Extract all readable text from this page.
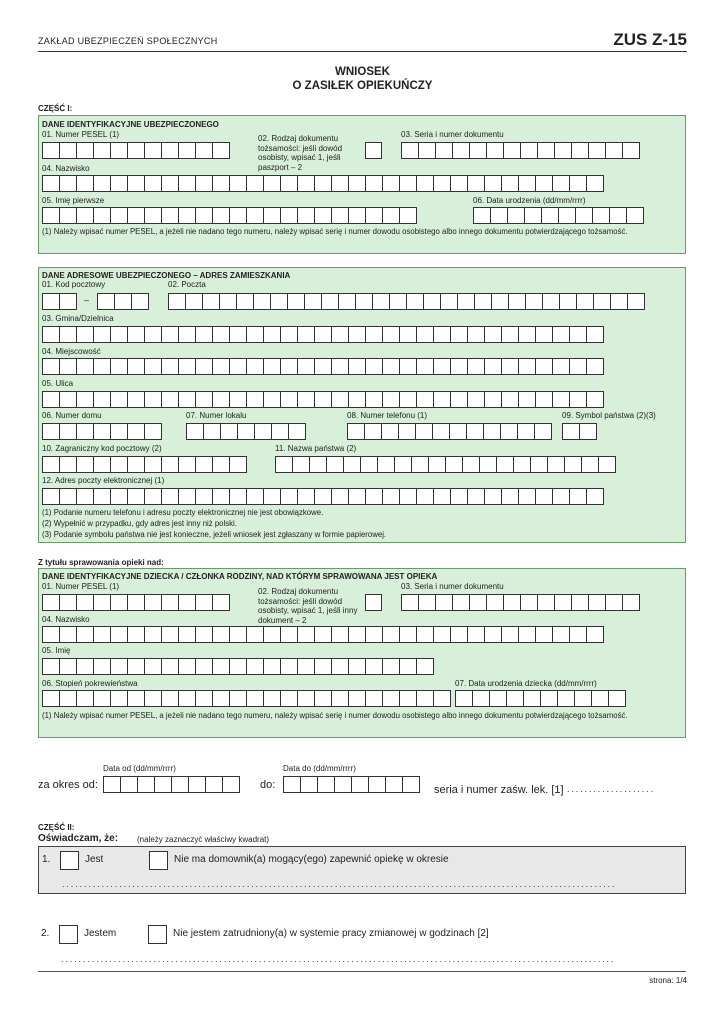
ZAKŁAD UBEZPIECZEŃ SPOŁECZNYCH	ZUS Z-15
WNIOSEK
O ZASIŁEK OPIEKUŃCZY
CZĘŚĆ I:
DANE IDENTYFIKACYJNE UBEZPIECZONEGO
01. Numer PESEL (1)	02. Rodzaj dokumentu tożsamości: jeśli dowód osobisty, wpisać 1, jeśli paszport – 2
03. Seria i numer dokumentu
04. Nazwisko
05. Imię pierwsze	06. Data urodzenia (dd/mm/rrrr)
(1) Należy wpisać numer PESEL, a jeżeli nie nadano tego numeru, należy wpisać serię i numer dowodu osobistego albo innego dokumentu potwierdzającego tożsamość.
DANE ADRESOWE UBEZPIECZONEGO – ADRES ZAMIESZKANIA
01. Kod pocztowy
–
02. Poczta
03. Gmina/Dzielnica
04. Miejscowość
05. Ulica
06. Numer domu	07. Numer lokalu	08. Numer telefonu (1)	09. Symbol państwa (2)(3)
10. Zagraniczny kod pocztowy (2)	11. Nazwa państwa (2)
12. Adres poczty elektronicznej (1)
(1) Podanie numeru telefonu i adresu poczty elektronicznej nie jest obowiązkowe.
(2) Wypełnić w przypadku, gdy adres jest inny niż polski.
(3) Podanie symbolu państwa nie jest konieczne, jeżeli wniosek jest zgłaszany w formie papierowej.
Z tytułu sprawowania opieki nad:
DANE IDENTYFIKACYJNE DZIECKA / CZŁONKA RODZINY, NAD KTÓRYM SPRAWOWANA JEST OPIEKA
01. Numer PESEL (1)
02. Rodzaj dokumentu tożsamości: jeśli dowód osobisty, wpisać 1, jeśli inny dokument – 2
03. Seria i numer dokumentu
04. Nazwisko
05. Imię
06. Stopień pokrewieństwa	07. Data urodzenia dziecka (dd/mm/rrrr)
(1) Należy wpisać numer PESEL, a jeżeli nie nadano tego numeru, należy wpisać serię i numer dowodu osobistego albo innego dokumentu potwierdzającego tożsamość.
Data od (dd/mm/rrrr)	Data do (dd/mm/rrrr)
za okres od:	do:	seria i numer zaśw. lek. [1] ....................
CZĘŚĆ II:
Oświadczam, że: (należy zaznaczyć właściwy kwadrat)
1.	Jest	Nie ma domownik(a) mogący(ego) zapewnić opiekę w okresie
..............................................................................................................................
2.	Jestem	Nie jestem zatrudniony(a) w systemie pracy zmianowej w godzinach [2]
..............................................................................................................................
strona: 1/4
